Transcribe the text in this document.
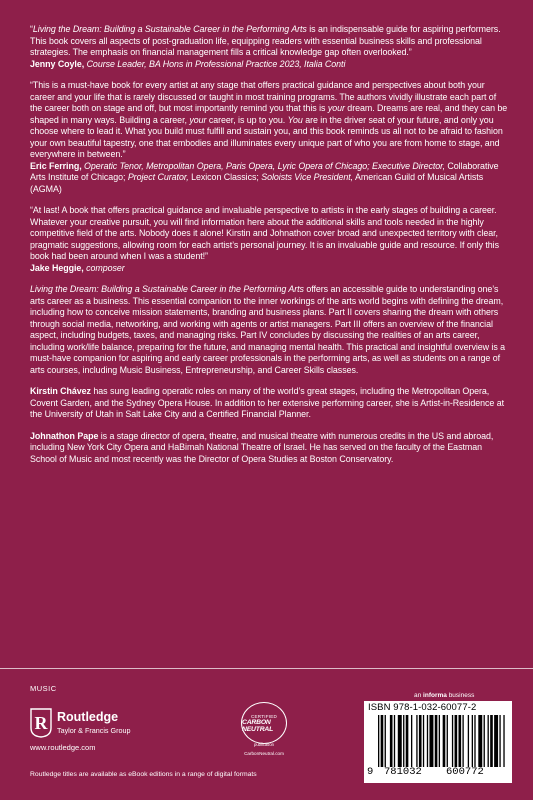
“Living the Dream: Building a Sustainable Career in the Performing Arts is an indispensable guide for aspiring performers. This book covers all aspects of post-graduation life, equipping readers with essential business skills and professional strategies. The emphasis on financial management fills a critical knowledge gap often overlooked.”
Jenny Coyle, Course Leader, BA Hons in Professional Practice 2023, Italia Conti
“This is a must-have book for every artist at any stage that offers practical guidance and perspectives about both your career and your life that is rarely discussed or taught in most training programs. The authors vividly illustrate each part of the career both on stage and off, but most importantly remind you that this is your dream. Dreams are real, and they can be shaped in many ways. Building a career, your career, is up to you. You are in the driver seat of your future, and only you choose where to lead it. What you build must fulfill and sustain you, and this book reminds us all not to be afraid to fashion your own beautiful tapestry, one that embodies and illuminates every unique part of who you are from home to stage, and everywhere in between.”
Eric Ferring, Operatic Tenor, Metropolitan Opera, Paris Opera, Lyric Opera of Chicago; Executive Director, Collaborative Arts Institute of Chicago; Project Curator, Lexicon Classics; Soloists Vice President, American Guild of Musical Artists (AGMA)
“At last! A book that offers practical guidance and invaluable perspective to artists in the early stages of building a career. Whatever your creative pursuit, you will find information here about the additional skills and tools needed in the highly competitive field of the arts. Nobody does it alone! Kirstin and Johnathon cover broad and unexpected territory with clear, pragmatic suggestions, allowing room for each artist’s personal journey. It is an invaluable guide and resource. If only this book had been around when I was a student!”
Jake Heggie, composer
Living the Dream: Building a Sustainable Career in the Performing Arts offers an accessible guide to understanding one’s arts career as a business. This essential companion to the inner workings of the arts world begins with defining the dream, including how to conceive mission statements, branding and business plans. Part II covers sharing the dream with others through social media, networking, and working with agents or artist managers. Part III offers an overview of the financial aspect, including budgets, taxes, and managing risks. Part IV concludes by discussing the realities of an arts career, including work/life balance, preparing for the future, and managing mental health. This practical and insightful overview is a must-have companion for aspiring and early career professionals in the performing arts, as well as students on a range of arts courses, including Music Business, Entrepreneurship, and Career Skills classes.
Kirstin Chávez has sung leading operatic roles on many of the world’s great stages, including the Metropolitan Opera, Covent Garden, and the Sydney Opera House. In addition to her extensive performing career, she is Artist-in-Residence at the University of Utah in Salt Lake City and a Certified Financial Planner.
Johnathon Pape is a stage director of opera, theatre, and musical theatre with numerous credits in the US and abroad, including New York City Opera and HaBimah National Theatre of Israel. He has served on the faculty of the Eastman School of Music and most recently was the Director of Opera Studies at Boston Conservatory.
MUSIC
R Routledge
Taylor & Francis Group
www.routledge.com
Routledge titles are available as eBook editions in a range of digital formats
CERTIFIED
CARBON NEUTRAL
publication
CarbonNeutral.com
an informa business
ISBN 978-1-032-60077-2
9 781032 600772
